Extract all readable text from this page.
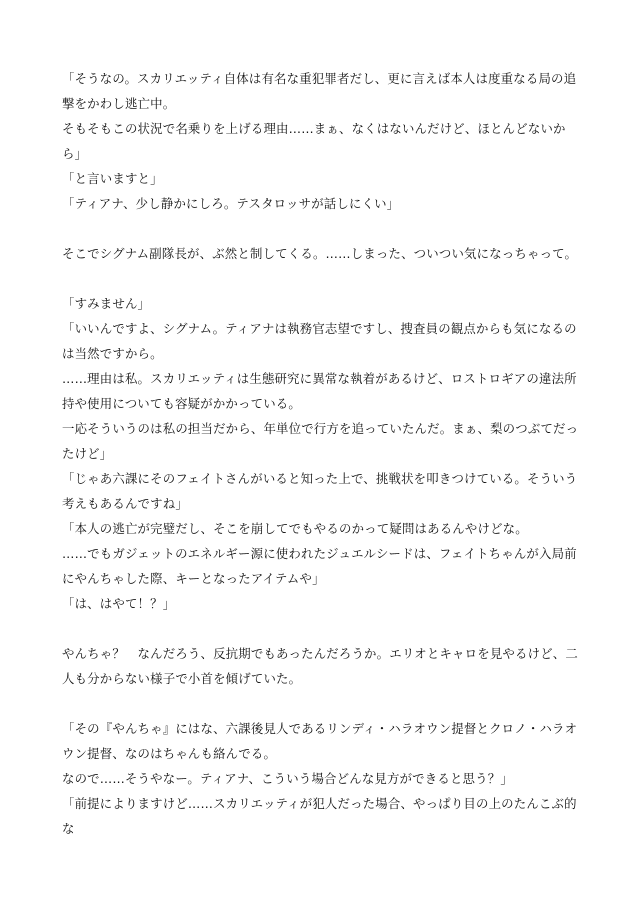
「そうなの。スカリエッティ自体は有名な重犯罪者だし、更に言えば本人は度重なる局の追撃をかわし逃亡中。

そもそもこの状況で名乗りを上げる理由……まぁ、なくはないんだけど、ほとんどないから」

「と言いますと」

「ティアナ、少し静かにしろ。テスタロッサが話しにくい」

そこでシグナム副隊長が、ぶ然と制してくる。……しまった、ついつい気になっちゃって。

「すみません」

「いいんですよ、シグナム。ティアナは執務官志望ですし、捜査員の観点からも気になるのは当然ですから。

……理由は私。スカリエッティは生態研究に異常な執着があるけど、ロストロギアの違法所持や使用についても容疑がかかっている。

一応そういうのは私の担当だから、年単位で行方を追っていたんだ。まぁ、梨のつぶてだったけど」

「じゃあ六課にそのフェイトさんがいると知った上で、挑戦状を叩きつけている。そういう考えもあるんですね」

「本人の逃亡が完璧だし、そこを崩してでもやるのかって疑問はあるんやけどな。

……でもガジェットのエネルギー源に使われたジュエルシードは、フェイトちゃんが入局前にやんちゃした際、キーとなったアイテムや」

「は、はやて！？」

やんちゃ？　なんだろう、反抗期でもあったんだろうか。エリオとキャロを見やるけど、二人も分からない様子で小首を傾げていた。

「その『やんちゃ』にはな、六課後見人であるリンディ・ハラオウン提督とクロノ・ハラオウン提督、なのはちゃんも絡んでる。

なので……そうやなー。ティアナ、こういう場合どんな見方ができると思う？」

「前提によりますけど……スカリエッティが犯人だった場合、やっぱり目の上のたんこぶ的な
